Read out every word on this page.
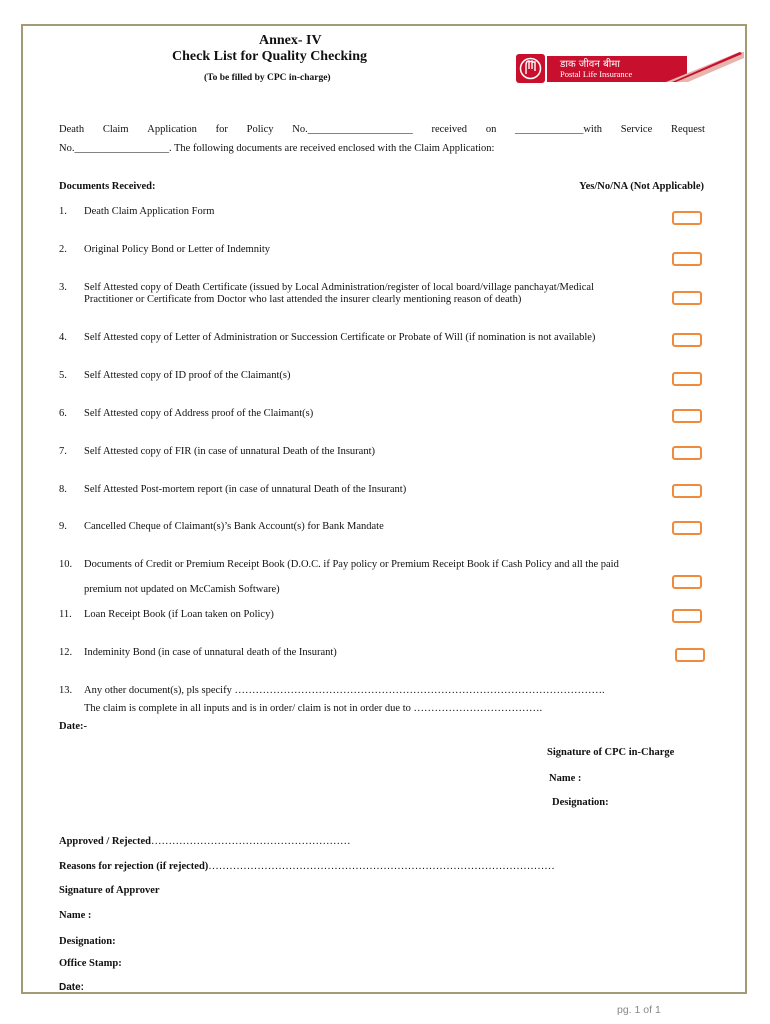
Annex- IV
Check List for Quality Checking
(To be filled by CPC in-charge)
डाक जीवन बीमा
Postal Life Insurance
Death Claim Application for Policy No.____________________ received on _____________with Service Request
No.__________________. The following documents are received enclosed with the Claim Application:
Documents Received:	Yes/No/NA (Not Applicable)
1. Death Claim Application Form
2. Original Policy Bond or Letter of Indemnity
3. Self Attested copy of Death Certificate (issued by Local Administration/register of local board/village panchayat/Medical
Practitioner or Certificate from Doctor who last attended the insurer clearly mentioning reason of death)
4. Self Attested copy of Letter of Administration or Succession Certificate or Probate of Will (if nomination is not available)
5. Self Attested copy of ID proof of the Claimant(s)
6. Self Attested copy of Address proof of the Claimant(s)
7. Self Attested copy of FIR (in case of unnatural Death of the Insurant)
8. Self Attested Post-mortem report (in case of unnatural Death of the Insurant)
9. Cancelled Cheque of Claimant(s)’s Bank Account(s) for Bank Mandate
10. Documents of Credit or Premium Receipt Book (D.O.C. if Pay policy or Premium Receipt Book if Cash Policy and all the paid
premium not updated on McCamish Software)
11. Loan Receipt Book (if Loan taken on Policy)
12. Indeminity Bond (in case of unnatural death of the Insurant)
13. Any other document(s), pls specify …………………………………………………………………………………………….
The claim is complete in all inputs and is in order/ claim is not in order due to ……………………………….
Date:-
Signature of CPC in-Charge
Name :
Designation:
Approved / Rejected…………………………………………………
Reasons for rejection (if rejected)………………………………………………………………………………………
Signature of Approver
Name :
Designation:
Office Stamp:
Date:
pg. 1 of 1
